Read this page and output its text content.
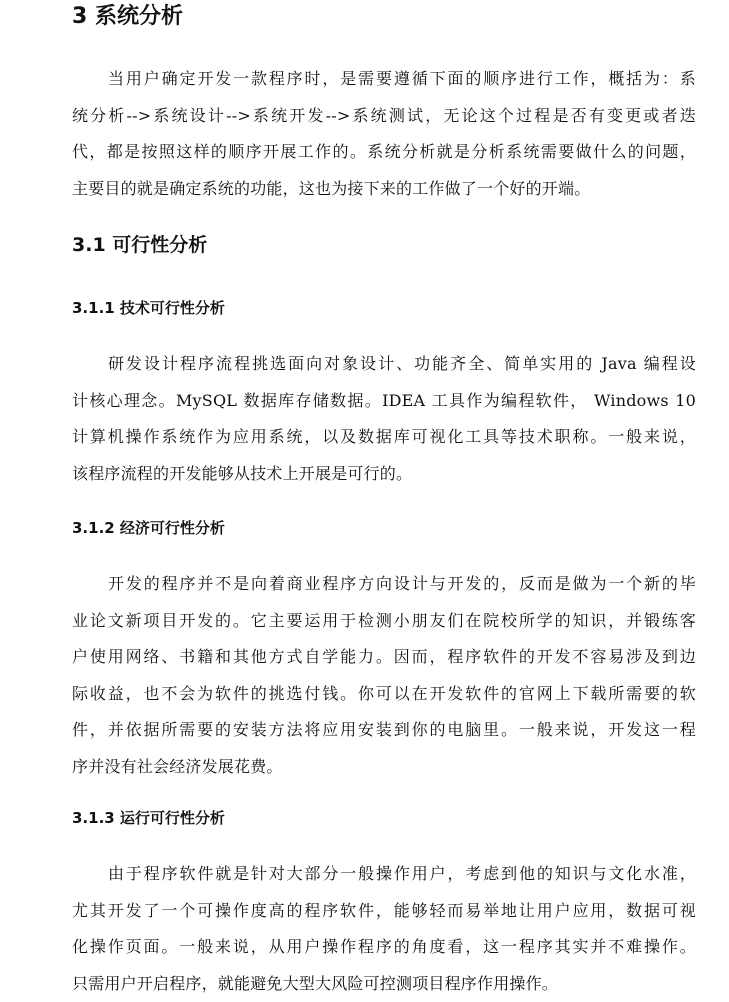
3 系统分析
当用户确定开发一款程序时，是需要遵循下面的顺序进行工作，概括为：系
统分析-->系统设计-->系统开发-->系统测试，无论这个过程是否有变更或者迭
代，都是按照这样的顺序开展工作的。系统分析就是分析系统需要做什么的问题，
主要目的就是确定系统的功能，这也为接下来的工作做了一个好的开端。
3.1 可行性分析
3.1.1 技术可行性分析
研发设计程序流程挑选面向对象设计、功能齐全、简单实用的 Java 编程设
计核心理念。MySQL 数据库存储数据。IDEA 工具作为编程软件， Windows 10
计算机操作系统作为应用系统，以及数据库可视化工具等技术职称。一般来说，
该程序流程的开发能够从技术上开展是可行的。
3.1.2 经济可行性分析
开发的程序并不是向着商业程序方向设计与开发的，反而是做为一个新的毕
业论文新项目开发的。它主要运用于检测小朋友们在院校所学的知识，并锻练客
户使用网络、书籍和其他方式自学能力。因而，程序软件的开发不容易涉及到边
际收益，也不会为软件的挑选付钱。你可以在开发软件的官网上下载所需要的软
件，并依据所需要的安装方法将应用安装到你的电脑里。一般来说，开发这一程
序并没有社会经济发展花费。
3.1.3 运行可行性分析
由于程序软件就是针对大部分一般操作用户，考虑到他的知识与文化水准，
尤其开发了一个可操作度高的程序软件，能够轻而易举地让用户应用，数据可视
化操作页面。一般来说，从用户操作程序的角度看，这一程序其实并不难操作。
只需用户开启程序，就能避免大型大风险可控测项目程序作用操作。
